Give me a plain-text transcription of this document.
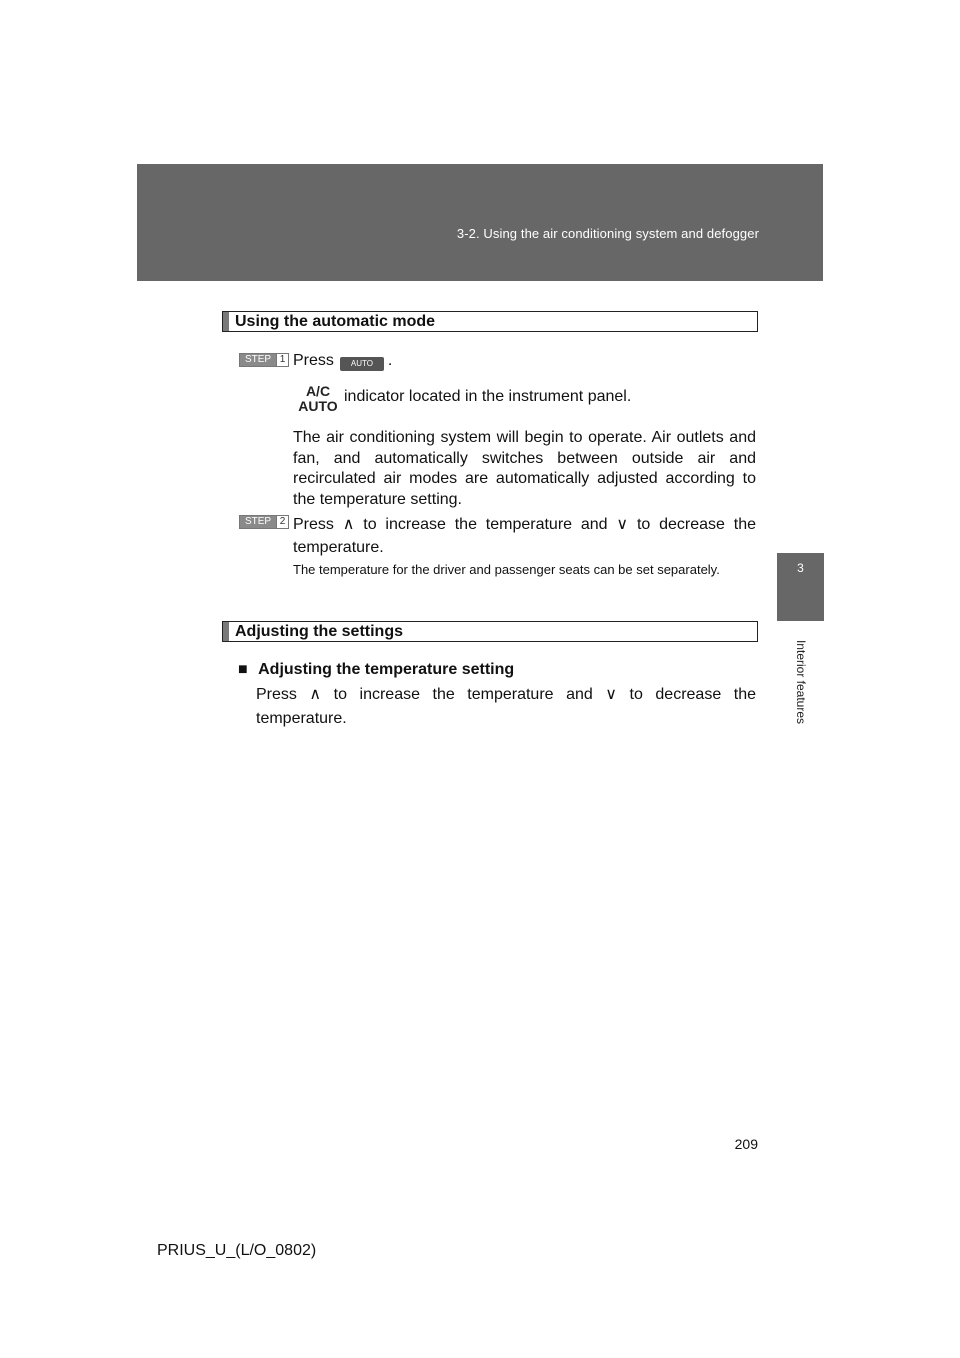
3-2. Using the air conditioning system and defogger
3
Interior features
Using the automatic mode
STEP 1 Press AUTO .
A/C
AUTO
indicator located in the instrument panel.
The air conditioning system will begin to operate. Air outlets and fan, and automatically switches between outside air and recirculated air modes are automatically adjusted according to the temperature setting.
STEP 2 Press ∧ to increase the temperature and ∨ to decrease the temperature.
The temperature for the driver and passenger seats can be set separately.
Adjusting the settings
■ Adjusting the temperature setting
Press ∧ to increase the temperature and ∨ to decrease the temperature.
209
PRIUS_U_(L/O_0802)
